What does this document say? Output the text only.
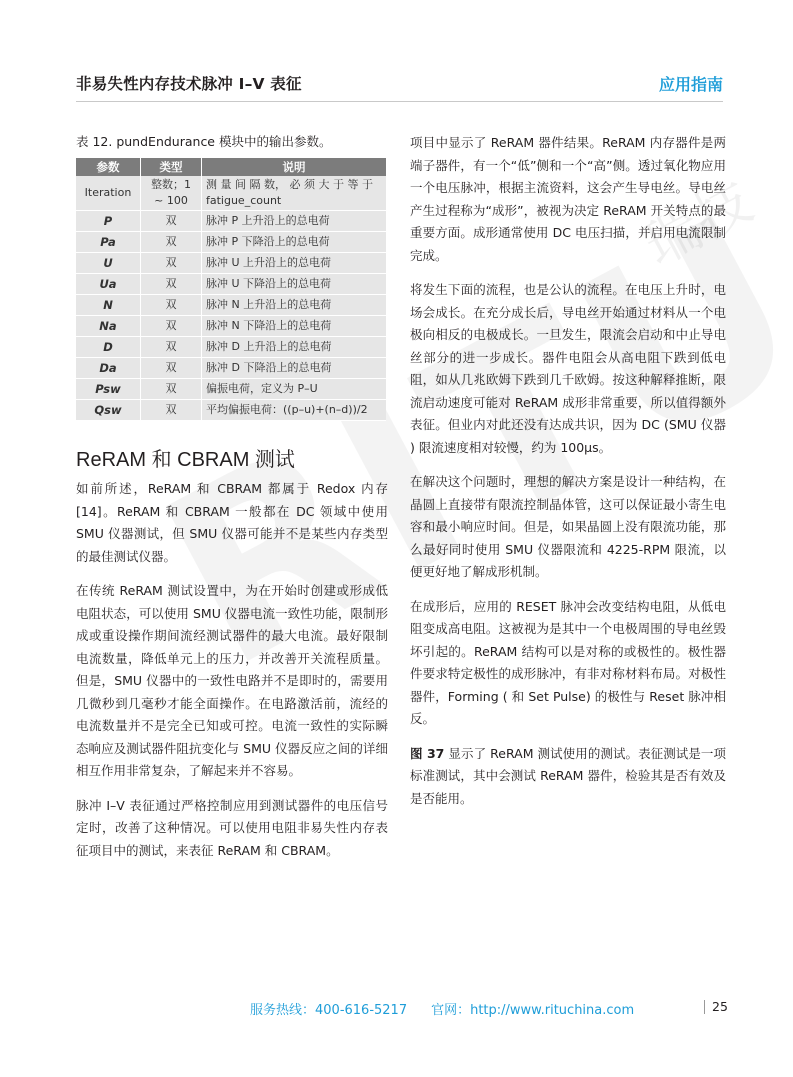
瑞技
非易失性内存技术脉冲 I–V 表征	应用指南
表 12. pundEndurance 模块中的输出参数。
参数	类型	说明
Iteration	整数；1 ~ 100	测 量 间 隔 数， 必 须 大 于 等 于 fatigue_count
P	双	脉冲 P 上升沿上的总电荷
Pa	双	脉冲 P 下降沿上的总电荷
U	双	脉冲 U 上升沿上的总电荷
Ua	双	脉冲 U 下降沿上的总电荷
N	双	脉冲 N 上升沿上的总电荷
Na	双	脉冲 N 下降沿上的总电荷
D	双	脉冲 D 上升沿上的总电荷
Da	双	脉冲 D 下降沿上的总电荷
Psw	双	偏振电荷，定义为 P–U
Qsw	双	平均偏振电荷：((p–u)+(n–d))/2
ReRAM 和 CBRAM 测试

如前所述，ReRAM 和 CBRAM 都属于 Redox 内存 [14]。ReRAM 和 CBRAM 一般都在 DC 领域中使用 SMU 仪器测试，但 SMU 仪器可能并不是某些内存类型的最佳测试仪器。

在传统 ReRAM 测试设置中，为在开始时创建或形成低电阻状态，可以使用 SMU 仪器电流一致性功能，限制形成或重设操作期间流经测试器件的最大电流。最好限制电流数量，降低单元上的压力，并改善开关流程质量。但是，SMU 仪器中的一致性电路并不是即时的，需要用几微秒到几毫秒才能全面操作。在电路激活前，流经的电流数量并不是完全已知或可控。电流一致性的实际瞬态响应及测试器件阻抗变化与 SMU 仪器反应之间的详细相互作用非常复杂，了解起来并不容易。

脉冲 I–V 表征通过严格控制应用到测试器件的电压信号定时，改善了这种情况。可以使用电阻非易失性内存表征项目中的测试，来表征 ReRAM 和 CBRAM。

项目中显示了 ReRAM 器件结果。ReRAM 内存器件是两端子器件，有一个“低”侧和一个“高”侧。透过氧化物应用一个电压脉冲，根据主流资料，这会产生导电丝。导电丝产生过程称为“成形”，被视为决定 ReRAM 开关特点的最重要方面。成形通常使用 DC 电压扫描，并启用电流限制完成。

将发生下面的流程，也是公认的流程。在电压上升时，电场会成长。在充分成长后，导电丝开始通过材料从一个电极向相反的电极成长。一旦发生，限流会启动和中止导电丝部分的进一步成长。器件电阻会从高电阻下跌到低电阻，如从几兆欧姆下跌到几千欧姆。按这种解释推断，限流启动速度可能对 ReRAM 成形非常重要，所以值得额外表征。但业内对此还没有达成共识，因为 DC (SMU 仪器 ) 限流速度相对较慢，约为 100µs。

在解决这个问题时，理想的解决方案是设计一种结构，在晶圆上直接带有限流控制晶体管，这可以保证最小寄生电容和最小响应时间。但是，如果晶圆上没有限流功能，那么最好同时使用 SMU 仪器限流和 4225-RPM 限流，以便更好地了解成形机制。

在成形后，应用的 RESET 脉冲会改变结构电阻，从低电阻变成高电阻。这被视为是其中一个电极周围的导电丝毁坏引起的。ReRAM 结构可以是对称的或极性的。极性器件要求特定极性的成形脉冲，有非对称材料布局。对极性器件，Forming ( 和 Set Pulse) 的极性与 Reset 脉冲相反。

图 37 显示了 ReRAM 测试使用的测试。表征测试是一项标准测试，其中会测试 ReRAM 器件，检验其是否有效及是否能用。

服务热线：400-616-5217 官网：http://www.rituchina.com	25
